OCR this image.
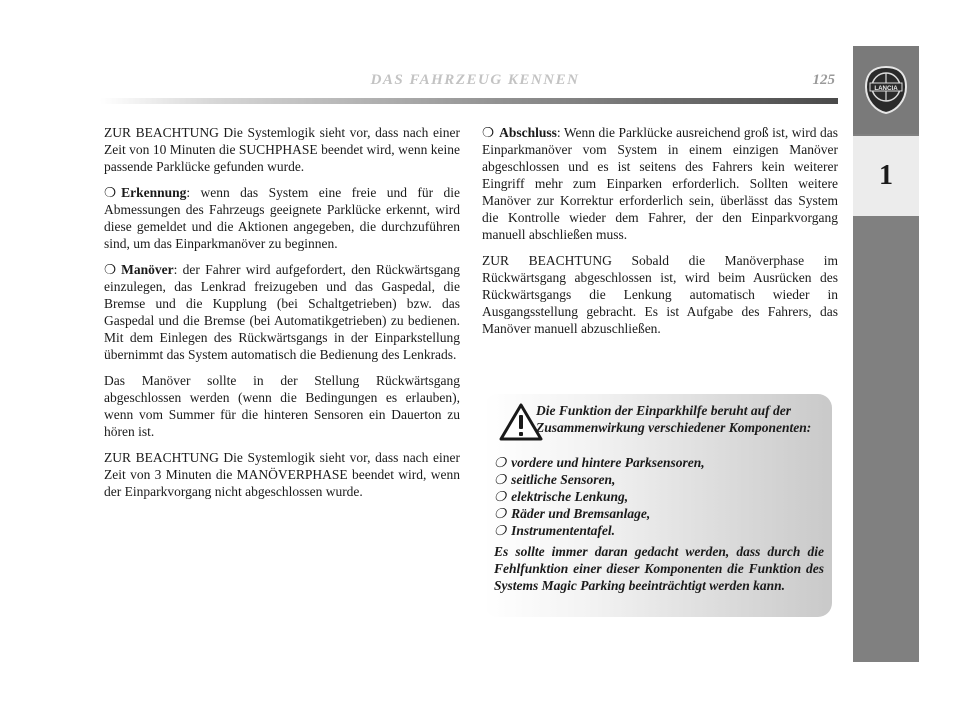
DAS FAHRZEUG KENNEN	125
LANCIA
1

ZUR BEACHTUNG Die Systemlogik sieht vor, dass nach einer Zeit von 10 Minuten die SUCHPHASE beendet wird, wenn keine passende Parklücke gefunden wurde.

❍ Erkennung: wenn das System eine freie und für die Abmessungen des Fahrzeugs geeignete Parklücke erkennt, wird diese gemeldet und die Aktionen angegeben, die durchzuführen sind, um das Einparkmanöver zu beginnen.

❍ Manöver: der Fahrer wird aufgefordert, den Rückwärtsgang einzulegen, das Lenkrad freizugeben und das Gaspedal, die Bremse und die Kupplung (bei Schaltgetrieben) bzw. das Gaspedal und die Bremse (bei Automatikgetrieben) zu bedienen. Mit dem Einlegen des Rückwärtsgangs in der Einparkstellung übernimmt das System automatisch die Bedienung des Lenkrads.

Das Manöver sollte in der Stellung Rückwärtsgang abgeschlossen werden (wenn die Bedingungen es erlauben), wenn vom Summer für die hinteren Sensoren ein Dauerton zu hören ist.

ZUR BEACHTUNG Die Systemlogik sieht vor, dass nach einer Zeit von 3 Minuten die MANÖVERPHASE beendet wird, wenn der Einparkvorgang nicht abgeschlossen wurde.

❍ Abschluss: Wenn die Parklücke ausreichend groß ist, wird das Einparkmanöver vom System in einem einzigen Manöver abgeschlossen und es ist seitens des Fahrers kein weiterer Eingriff mehr zum Einparken erforderlich. Sollten weitere Manöver zur Korrektur erforderlich sein, überlässt das System die Kontrolle wieder dem Fahrer, der den Einparkvorgang manuell abschließen muss.

ZUR BEACHTUNG Sobald die Manöverphase im Rückwärtsgang abgeschlossen ist, wird beim Ausrücken des Rückwärtsgangs die Lenkung automatisch wieder in Ausgangsstellung gebracht. Es ist Aufgabe des Fahrers, das Manöver manuell abzuschließen.

Die Funktion der Einparkhilfe beruht auf der Zusammenwirkung verschiedener Komponenten:
❍ vordere und hintere Parksensoren,
❍ seitliche Sensoren,
❍ elektrische Lenkung,
❍ Räder und Bremsanlage,
❍ Instrumententafel.
Es sollte immer daran gedacht werden, dass durch die Fehlfunktion einer dieser Komponenten die Funktion des Systems Magic Parking beeinträchtigt werden kann.
